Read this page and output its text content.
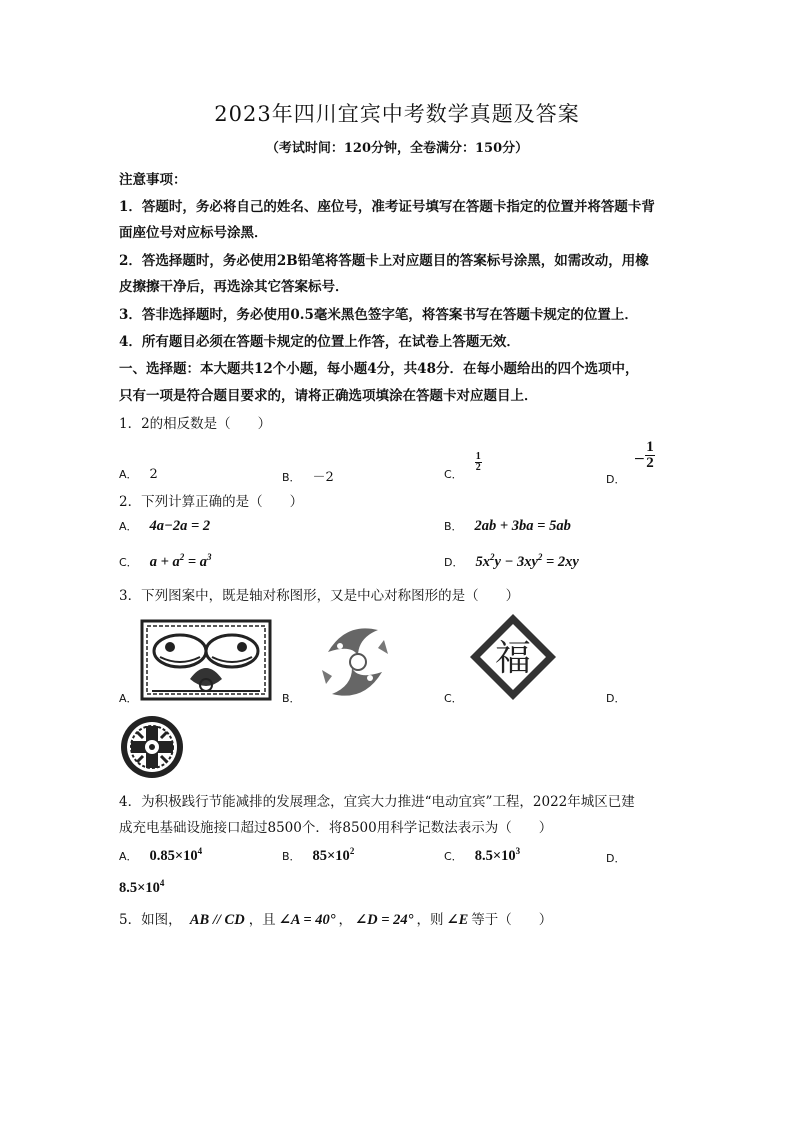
2023年四川宜宾中考数学真题及答案
（考试时间：120分钟，全卷满分：150分）
注意事项：
1．答题时，务必将自己的姓名、座位号，准考证号填写在答题卡指定的位置并将答题卡背
面座位号对应标号涂黑．
2．答选择题时，务必使用2B铅笔将答题卡上对应题目的答案标号涂黑，如需改动，用橡
皮擦擦干净后，再选涂其它答案标号．
3．答非选择题时，务必使用0.5毫米黑色签字笔，将答案书写在答题卡规定的位置上．
4．所有题目必须在答题卡规定的位置上作答，在试卷上答题无效．
一、选择题：本大题共12个小题，每小题4分，共48分．在每小题给出的四个选项中，
只有一项是符合题目要求的，请将正确选项填涂在答题卡对应题目上．
1．2的相反数是（　　）
A． 2	B． －2	$_{C.}$
$\frac{1}{2}$
$_{D.}- \frac{1}{2}$
2．下列计算正确的是（　　）
A． 4a−2a = 2	B． 2ab + 3ba = 5ab
C． $a + a^2 = a^3$	D． $5x^2y - 3xy^2 = 2xy$
3．下列图案中，既是轴对称图形，又是中心对称图形的是（　　）
A．	B．
福
C．	D．
4．为积极践行节能减排的发展理念，宜宾大力推进“电动宜宾”工程，2022年城区已建
成充电基础设施接口超过8500个．将8500用科学记数法表示为（　　）
A． $0.85\times 10^4$	B． $85\times 10^2$	C． $8.5\times 10^3$
D．
$8.5\times 10^4$
5．如图， AB // CD ，且 ∠A = 40° ， ∠D = 24° ，则 ∠E 等于（　　）
